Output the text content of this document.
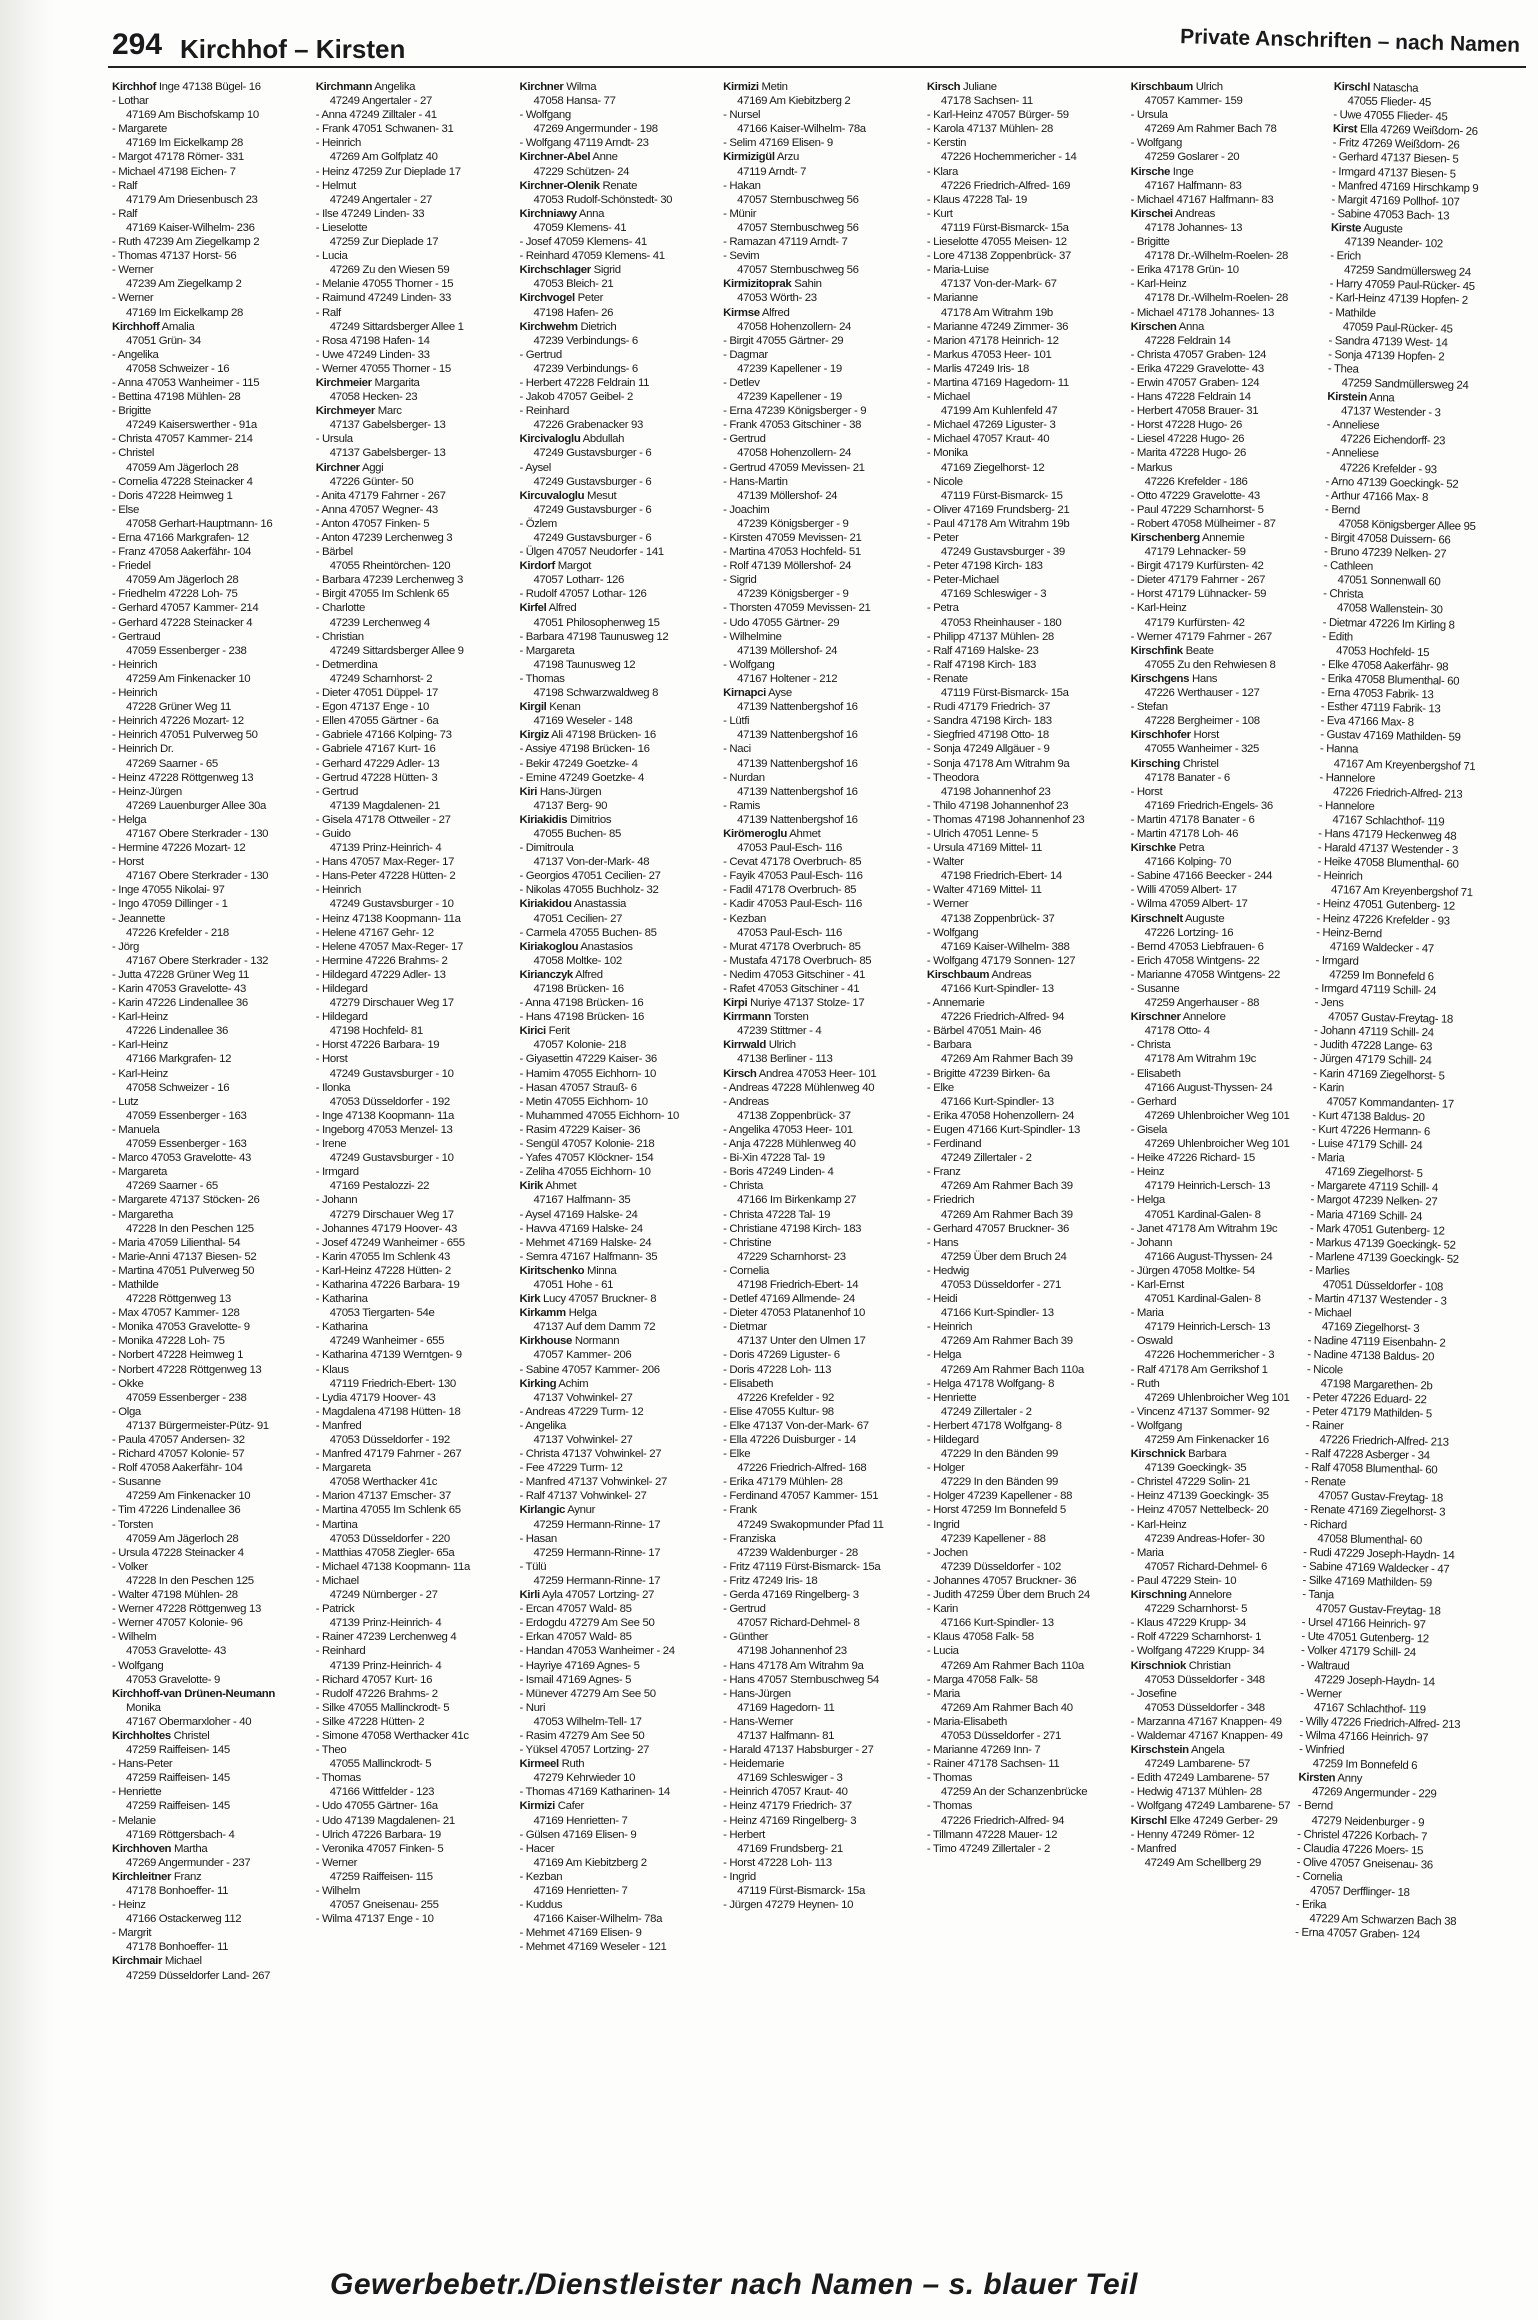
294 Kirchhof – Kirsten	Private Anschriften – nach Namen
Kirchhof Inge 47138 Bügel- 16
- Lothar
47169 Am Bischofskamp 10
- Margarete
47169 Im Eickelkamp 28
- Margot 47178 Römer- 331
- Michael 47198 Eichen- 7
- Ralf
47179 Am Driesenbusch 23
- Ralf
47169 Kaiser-Wilhelm- 236
- Ruth 47239 Am Ziegelkamp 2
- Thomas 47137 Horst- 56
- Werner
47239 Am Ziegelkamp 2
- Werner
47169 Im Eickelkamp 28
Kirchhoff Amalia
47051 Grün- 34
- Angelika
47058 Schweizer - 16
- Anna 47053 Wanheimer - 115
- Bettina 47198 Mühlen- 28
- Brigitte
47249 Kaiserswerther - 91a
- Christa 47057 Kammer- 214
- Christel
47059 Am Jägerloch 28
- Cornelia 47228 Steinacker 4
- Doris 47228 Heimweg 1
- Else
47058 Gerhart-Hauptmann- 16
- Erna 47166 Markgrafen- 12
- Franz 47058 Aakerfähr- 104
- Friedel
47059 Am Jägerloch 28
- Friedhelm 47228 Loh- 75
- Gerhard 47057 Kammer- 214
- Gerhard 47228 Steinacker 4
- Gertraud
47059 Essenberger - 238
- Heinrich
47259 Am Finkenacker 10
- Heinrich
47228 Grüner Weg 11
- Heinrich 47226 Mozart- 12
- Heinrich 47051 Pulverweg 50
- Heinrich Dr.
47269 Saarner - 65
- Heinz 47228 Röttgenweg 13
- Heinz-Jürgen
47269 Lauenburger Allee 30a
- Helga
47167 Obere Sterkrader - 130
- Hermine 47226 Mozart- 12
- Horst
47167 Obere Sterkrader - 130
- Inge 47055 Nikolai- 97
- Ingo 47059 Dillinger - 1
- Jeannette
47226 Krefelder - 218
- Jörg
47167 Obere Sterkrader - 132
- Jutta 47228 Grüner Weg 11
- Karin 47053 Gravelotte- 43
- Karin 47226 Lindenallee 36
- Karl-Heinz
47226 Lindenallee 36
- Karl-Heinz
47166 Markgrafen- 12
- Karl-Heinz
47058 Schweizer - 16
- Lutz
47059 Essenberger - 163
- Manuela
47059 Essenberger - 163
- Marco 47053 Gravelotte- 43
- Margareta
47269 Saarner - 65
- Margarete 47137 Stöcken- 26
- Margaretha
47228 In den Peschen 125
- Maria 47059 Lilienthal- 54
- Marie-Anni 47137 Biesen- 52
- Martina 47051 Pulverweg 50
- Mathilde
47228 Röttgenweg 13
- Max 47057 Kammer- 128
- Monika 47053 Gravelotte- 9
- Monika 47228 Loh- 75
- Norbert 47228 Heimweg 1
- Norbert 47228 Röttgenweg 13
- Okke
47059 Essenberger - 238
- Olga
47137 Bürgermeister-Pütz- 91
- Paula 47057 Andersen- 32
- Richard 47057 Kolonie- 57
- Rolf 47058 Aakerfähr- 104
- Susanne
47259 Am Finkenacker 10
- Tim 47226 Lindenallee 36
- Torsten
47059 Am Jägerloch 28
- Ursula 47228 Steinacker 4
- Volker
47228 In den Peschen 125
- Walter 47198 Mühlen- 28
- Werner 47228 Röttgenweg 13
- Werner 47057 Kolonie- 96
- Wilhelm
47053 Gravelotte- 43
- Wolfgang
47053 Gravelotte- 9
Kirchhoff-van Drünen-Neumann
Monika
47167 Obermarxloher - 40
Kirchholtes Christel
47259 Raiffeisen- 145
- Hans-Peter
47259 Raiffeisen- 145
- Henriette
47259 Raiffeisen- 145
- Melanie
47169 Röttgersbach- 4
Kirchhoven Martha
47269 Angermunder - 237
Kirchleitner Franz
47178 Bonhoeffer- 11
- Heinz
47166 Ostackerweg 112
- Margrit
47178 Bonhoeffer- 11
Kirchmair Michael
47259 Düsseldorfer Land- 267
Kirchmann Angelika
47249 Angertaler - 27
- Anna 47249 Zilltaler - 41
- Frank 47051 Schwanen- 31
- Heinrich
47269 Am Golfplatz 40
- Heinz 47259 Zur Dieplade 17
- Helmut
47249 Angertaler - 27
- Ilse 47249 Linden- 33
- Lieselotte
47259 Zur Dieplade 17
- Lucia
47269 Zu den Wiesen 59
- Melanie 47055 Thorner - 15
- Raimund 47249 Linden- 33
- Ralf
47249 Sittardsberger Allee 1
- Rosa 47198 Hafen- 14
- Uwe 47249 Linden- 33
- Werner 47055 Thorner - 15
Kirchmeier Margarita
47058 Hecken- 23
Kirchmeyer Marc
47137 Gabelsberger- 13
- Ursula
47137 Gabelsberger- 13
Kirchner Aggi
47226 Günter- 50
- Anita 47179 Fahrner - 267
- Anna 47057 Wegner- 43
- Anton 47057 Finken- 5
- Anton 47239 Lerchenweg 3
- Bärbel
47055 Rheintörchen- 120
- Barbara 47239 Lerchenweg 3
- Birgit 47055 Im Schlenk 65
- Charlotte
47239 Lerchenweg 4
- Christian
47249 Sittardsberger Allee 9
- Detmerdina
47249 Scharnhorst- 2
- Dieter 47051 Düppel- 17
- Egon 47137 Enge - 10
- Ellen 47055 Gärtner - 6a
- Gabriele 47166 Kolping- 73
- Gabriele 47167 Kurt- 16
- Gerhard 47229 Adler- 13
- Gertrud 47228 Hütten- 3
- Gertrud
47139 Magdalenen- 21
- Gisela 47178 Ottweiler - 27
- Guido
47139 Prinz-Heinrich- 4
- Hans 47057 Max-Reger- 17
- Hans-Peter 47228 Hütten- 2
- Heinrich
47249 Gustavsburger - 10
- Heinz 47138 Koopmann- 11a
- Helene 47167 Gehr- 12
- Helene 47057 Max-Reger- 17
- Hermine 47226 Brahms- 2
- Hildegard 47229 Adler- 13
- Hildegard
47279 Dirschauer Weg 17
- Hildegard
47198 Hochfeld- 81
- Horst 47226 Barbara- 19
- Horst
47249 Gustavsburger - 10
- Ilonka
47053 Düsseldorfer - 192
- Inge 47138 Koopmann- 11a
- Ingeborg 47053 Menzel- 13
- Irene
47249 Gustavsburger - 10
- Irmgard
47169 Pestalozzi- 22
- Johann
47279 Dirschauer Weg 17
- Johannes 47179 Hoover- 43
- Josef 47249 Wanheimer - 655
- Karin 47055 Im Schlenk 43
- Karl-Heinz 47228 Hütten- 2
- Katharina 47226 Barbara- 19
- Katharina
47053 Tiergarten- 54e
- Katharina
47249 Wanheimer - 655
- Katharina 47139 Werntgen- 9
- Klaus
47119 Friedrich-Ebert- 130
- Lydia 47179 Hoover- 43
- Magdalena 47198 Hütten- 18
- Manfred
47053 Düsseldorfer - 192
- Manfred 47179 Fahrner - 267
- Margareta
47058 Werthacker 41c
- Marion 47137 Emscher- 37
- Martina 47055 Im Schlenk 65
- Martina
47053 Düsseldorfer - 220
- Matthias 47058 Ziegler- 65a
- Michael 47138 Koopmann- 11a
- Michael
47249 Nürnberger - 27
- Patrick
47139 Prinz-Heinrich- 4
- Rainer 47239 Lerchenweg 4
- Reinhard
47139 Prinz-Heinrich- 4
- Richard 47057 Kurt- 16
- Rudolf 47226 Brahms- 2
- Silke 47055 Mallinckrodt- 5
- Silke 47228 Hütten- 2
- Simone 47058 Werthacker 41c
- Theo
47055 Mallinckrodt- 5
- Thomas
47166 Wittfelder - 123
- Udo 47055 Gärtner- 16a
- Udo 47139 Magdalenen- 21
- Ulrich 47226 Barbara- 19
- Veronika 47057 Finken- 5
- Werner
47259 Raiffeisen- 115
- Wilhelm
47057 Gneisenau- 255
- Wilma 47137 Enge - 10
Kirchner Wilma
47058 Hansa- 77
- Wolfgang
47269 Angermunder - 198
- Wolfgang 47119 Arndt- 23
Kirchner-Abel Anne
47229 Schützen- 24
Kirchner-Olenik Renate
47053 Rudolf-Schönstedt- 30
Kirchniawy Anna
47059 Klemens- 41
- Josef 47059 Klemens- 41
- Reinhard 47059 Klemens- 41
Kirchschlager Sigrid
47053 Bleich- 21
Kirchvogel Peter
47198 Hafen- 26
Kirchwehm Dietrich
47239 Verbindungs- 6
- Gertrud
47239 Verbindungs- 6
- Herbert 47228 Feldrain 11
- Jakob 47057 Geibel- 2
- Reinhard
47226 Grabenacker 93
Kircivaloglu Abdullah
47249 Gustavsburger - 6
- Aysel
47249 Gustavsburger - 6
Kircuvaloglu Mesut
47249 Gustavsburger - 6
- Özlem
47249 Gustavsburger - 6
- Ülgen 47057 Neudorfer - 141
Kirdorf Margot
47057 Lotharr- 126
- Rudolf 47057 Lothar- 126
Kirfel Alfred
47051 Philosophenweg 15
- Barbara 47198 Taunusweg 12
- Margareta
47198 Taunusweg 12
- Thomas
47198 Schwarzwaldweg 8
Kirgil Kenan
47169 Weseler - 148
Kirgiz Ali 47198 Brücken- 16
- Assiye 47198 Brücken- 16
- Bekir 47249 Goetzke- 4
- Emine 47249 Goetzke- 4
Kiri Hans-Jürgen
47137 Berg- 90
Kiriakidis Dimitrios
47055 Buchen- 85
- Dimitroula
47137 Von-der-Mark- 48
- Georgios 47051 Cecilien- 27
- Nikolas 47055 Buchholz- 32
Kiriakidou Anastassia
47051 Cecilien- 27
- Carmela 47055 Buchen- 85
Kiriakoglou Anastasios
47058 Moltke- 102
Kirianczyk Alfred
47198 Brücken- 16
- Anna 47198 Brücken- 16
- Hans 47198 Brücken- 16
Kirici Ferit
47057 Kolonie- 218
- Giyasettin 47229 Kaiser- 36
- Hamim 47055 Eichhorn- 10
- Hasan 47057 Strauß- 6
- Metin 47055 Eichhorn- 10
- Muhammed 47055 Eichhorn- 10
- Rasim 47229 Kaiser- 36
- Sengül 47057 Kolonie- 218
- Yafes 47057 Klöckner- 154
- Zeliha 47055 Eichhorn- 10
Kirik Ahmet
47167 Halfmann- 35
- Aysel 47169 Halske- 24
- Havva 47169 Halske- 24
- Mehmet 47169 Halske- 24
- Semra 47167 Halfmann- 35
Kiritschenko Minna
47051 Hohe - 61
Kirk Lucy 47057 Bruckner- 8
Kirkamm Helga
47137 Auf dem Damm 72
Kirkhouse Normann
47057 Kammer- 206
- Sabine 47057 Kammer- 206
Kirking Achim
47137 Vohwinkel- 27
- Andreas 47229 Turm- 12
- Angelika
47137 Vohwinkel- 27
- Christa 47137 Vohwinkel- 27
- Fee 47229 Turm- 12
- Manfred 47137 Vohwinkel- 27
- Ralf 47137 Vohwinkel- 27
Kirlangic Aynur
47259 Hermann-Rinne- 17
- Hasan
47259 Hermann-Rinne- 17
- Tülü
47259 Hermann-Rinne- 17
Kirli Ayla 47057 Lortzing- 27
- Ercan 47057 Wald- 85
- Erdogdu 47279 Am See 50
- Erkan 47057 Wald- 85
- Handan 47053 Wanheimer - 24
- Hayriye 47169 Agnes- 5
- Ismail 47169 Agnes- 5
- Münever 47279 Am See 50
- Nuri
47053 Wilhelm-Tell- 17
- Rasim 47279 Am See 50
- Yüksel 47057 Lortzing- 27
Kirmeel Ruth
47279 Kehrwieder 10
- Thomas 47169 Katharinen- 14
Kirmizi Cafer
47169 Henrietten- 7
- Gülsen 47169 Elisen- 9
- Hacer
47169 Am Kiebitzberg 2
- Kezban
47169 Henrietten- 7
- Kuddus
47166 Kaiser-Wilhelm- 78a
- Mehmet 47169 Elisen- 9
- Mehmet 47169 Weseler - 121
Kirmizi Metin
47169 Am Kiebitzberg 2
- Nursel
47166 Kaiser-Wilhelm- 78a
- Selim 47169 Elisen- 9
Kirmizigül Arzu
47119 Arndt- 7
- Hakan
47057 Sternbuschweg 56
- Münir
47057 Sternbuschweg 56
- Ramazan 47119 Arndt- 7
- Sevim
47057 Sternbuschweg 56
Kirmizitoprak Sahin
47053 Wörth- 23
Kirmse Alfred
47058 Hohenzollern- 24
- Birgit 47055 Gärtner- 29
- Dagmar
47239 Kapellener - 19
- Detlev
47239 Kapellener - 19
- Erna 47239 Königsberger - 9
- Frank 47053 Gitschiner - 38
- Gertrud
47058 Hohenzollern- 24
- Gertrud 47059 Mevissen- 21
- Hans-Martin
47139 Möllershof- 24
- Joachim
47239 Königsberger - 9
- Kirsten 47059 Mevissen- 21
- Martina 47053 Hochfeld- 51
- Rolf 47139 Möllershof- 24
- Sigrid
47239 Königsberger - 9
- Thorsten 47059 Mevissen- 21
- Udo 47055 Gärtner- 29
- Wilhelmine
47139 Möllershof- 24
- Wolfgang
47167 Holtener - 212
Kirnapci Ayse
47139 Nattenbergshof 16
- Lütfi
47139 Nattenbergshof 16
- Naci
47139 Nattenbergshof 16
- Nurdan
47139 Nattenbergshof 16
- Ramis
47139 Nattenbergshof 16
Kirömeroglu Ahmet
47053 Paul-Esch- 116
- Cevat 47178 Overbruch- 85
- Fayik 47053 Paul-Esch- 116
- Fadil 47178 Overbruch- 85
- Kadir 47053 Paul-Esch- 116
- Kezban
47053 Paul-Esch- 116
- Murat 47178 Overbruch- 85
- Mustafa 47178 Overbruch- 85
- Nedim 47053 Gitschiner - 41
- Rafet 47053 Gitschiner - 41
Kirpi Nuriye 47137 Stolze- 17
Kirrmann Torsten
47239 Stittmer - 4
Kirrwald Ulrich
47138 Berliner - 113
Kirsch Andrea 47053 Heer- 101
- Andreas 47228 Mühlenweg 40
- Andreas
47138 Zoppenbrück- 37
- Angelika 47053 Heer- 101
- Anja 47228 Mühlenweg 40
- Bi-Xin 47228 Tal- 19
- Boris 47249 Linden- 4
- Christa
47166 Im Birkenkamp 27
- Christa 47228 Tal- 19
- Christiane 47198 Kirch- 183
- Christine
47229 Scharnhorst- 23
- Cornelia
47198 Friedrich-Ebert- 14
- Detlef 47169 Allmende- 24
- Dieter 47053 Platanenhof 10
- Dietmar
47137 Unter den Ulmen 17
- Doris 47269 Liguster- 6
- Doris 47228 Loh- 113
- Elisabeth
47226 Krefelder - 92
- Elise 47055 Kultur- 98
- Elke 47137 Von-der-Mark- 67
- Ella 47226 Duisburger - 14
- Elke
47226 Friedrich-Alfred- 168
- Erika 47179 Mühlen- 28
- Ferdinand 47057 Kammer- 151
- Frank
47249 Swakopmunder Pfad 11
- Franziska
47239 Waldenburger - 28
- Fritz 47119 Fürst-Bismarck- 15a
- Fritz 47249 Iris- 18
- Gerda 47169 Ringelberg- 3
- Gertrud
47057 Richard-Dehmel- 8
- Günther
47198 Johannenhof 23
- Hans 47178 Am Witrahm 9a
- Hans 47057 Sternbuschweg 54
- Hans-Jürgen
47169 Hagedorn- 11
- Hans-Werner
47137 Halfmann- 81
- Harald 47137 Habsburger - 27
- Heidemarie
47169 Schleswiger - 3
- Heinrich 47057 Kraut- 40
- Heinz 47179 Friedrich- 37
- Heinz 47169 Ringelberg- 3
- Herbert
47169 Frundsberg- 21
- Horst 47228 Loh- 113
- Ingrid
47119 Fürst-Bismarck- 15a
- Jürgen 47279 Heynen- 10
Kirsch Juliane
47178 Sachsen- 11
- Karl-Heinz 47057 Bürger- 59
- Karola 47137 Mühlen- 28
- Kerstin
47226 Hochemmericher - 14
- Klara
47226 Friedrich-Alfred- 169
- Klaus 47228 Tal- 19
- Kurt
47119 Fürst-Bismarck- 15a
- Lieselotte 47055 Meisen- 12
- Lore 47138 Zoppenbrück- 37
- Maria-Luise
47137 Von-der-Mark- 67
- Marianne
47178 Am Witrahm 19b
- Marianne 47249 Zimmer- 36
- Marion 47178 Heinrich- 12
- Markus 47053 Heer- 101
- Marlis 47249 Iris- 18
- Martina 47169 Hagedorn- 11
- Michael
47199 Am Kuhlenfeld 47
- Michael 47269 Liguster- 3
- Michael 47057 Kraut- 40
- Monika
47169 Ziegelhorst- 12
- Nicole
47119 Fürst-Bismarck- 15
- Oliver 47169 Frundsberg- 21
- Paul 47178 Am Witrahm 19b
- Peter
47249 Gustavsburger - 39
- Peter 47198 Kirch- 183
- Peter-Michael
47169 Schleswiger - 3
- Petra
47053 Rheinhauser - 180
- Philipp 47137 Mühlen- 28
- Ralf 47169 Halske- 23
- Ralf 47198 Kirch- 183
- Renate
47119 Fürst-Bismarck- 15a
- Rudi 47179 Friedrich- 37
- Sandra 47198 Kirch- 183
- Siegfried 47198 Otto- 18
- Sonja 47249 Allgäuer - 9
- Sonja 47178 Am Witrahm 9a
- Theodora
47198 Johannenhof 23
- Thilo 47198 Johannenhof 23
- Thomas 47198 Johannenhof 23
- Ulrich 47051 Lenne- 5
- Ursula 47169 Mittel- 11
- Walter
47198 Friedrich-Ebert- 14
- Walter 47169 Mittel- 11
- Werner
47138 Zoppenbrück- 37
- Wolfgang
47169 Kaiser-Wilhelm- 388
- Wolfgang 47179 Sonnen- 127
Kirschbaum Andreas
47166 Kurt-Spindler- 13
- Annemarie
47226 Friedrich-Alfred- 94
- Bärbel 47051 Main- 46
- Barbara
47269 Am Rahmer Bach 39
- Brigitte 47239 Birken- 6a
- Elke
47166 Kurt-Spindler- 13
- Erika 47058 Hohenzollern- 24
- Eugen 47166 Kurt-Spindler- 13
- Ferdinand
47249 Zillertaler - 2
- Franz
47269 Am Rahmer Bach 39
- Friedrich
47269 Am Rahmer Bach 39
- Gerhard 47057 Bruckner- 36
- Hans
47259 Über dem Bruch 24
- Hedwig
47053 Düsseldorfer - 271
- Heidi
47166 Kurt-Spindler- 13
- Heinrich
47269 Am Rahmer Bach 39
- Helga
47269 Am Rahmer Bach 110a
- Helga 47178 Wolfgang- 8
- Henriette
47249 Zillertaler - 2
- Herbert 47178 Wolfgang- 8
- Hildegard
47229 In den Bänden 99
- Holger
47229 In den Bänden 99
- Holger 47239 Kapellener - 88
- Horst 47259 Im Bonnefeld 5
- Ingrid
47239 Kapellener - 88
- Jochen
47239 Düsseldorfer - 102
- Johannes 47057 Bruckner- 36
- Judith 47259 Über dem Bruch 24
- Karin
47166 Kurt-Spindler- 13
- Klaus 47058 Falk- 58
- Lucia
47269 Am Rahmer Bach 110a
- Marga 47058 Falk- 58
- Maria
47269 Am Rahmer Bach 40
- Maria-Elisabeth
47053 Düsseldorfer - 271
- Marianne 47269 Inn- 7
- Rainer 47178 Sachsen- 11
- Thomas
47259 An der Schanzenbrücke
- Thomas
47226 Friedrich-Alfred- 94
- Tillmann 47228 Mauer- 12
- Timo 47249 Zillertaler - 2
Kirschbaum Ulrich
47057 Kammer- 159
- Ursula
47269 Am Rahmer Bach 78
- Wolfgang
47259 Goslarer - 20
Kirsche Inge
47167 Halfmann- 83
- Michael 47167 Halfmann- 83
Kirschei Andreas
47178 Johannes- 13
- Brigitte
47178 Dr.-Wilhelm-Roelen- 28
- Erika 47178 Grün- 10
- Karl-Heinz
47178 Dr.-Wilhelm-Roelen- 28
- Michael 47178 Johannes- 13
Kirschen Anna
47228 Feldrain 14
- Christa 47057 Graben- 124
- Erika 47229 Gravelotte- 43
- Erwin 47057 Graben- 124
- Hans 47228 Feldrain 14
- Herbert 47058 Brauer- 31
- Horst 47228 Hugo- 26
- Liesel 47228 Hugo- 26
- Marita 47228 Hugo- 26
- Markus
47226 Krefelder - 186
- Otto 47229 Gravelotte- 43
- Paul 47229 Scharnhorst- 5
- Robert 47058 Mülheimer - 87
Kirschenberg Annemie
47179 Lehnacker- 59
- Birgit 47179 Kurfürsten- 42
- Dieter 47179 Fahrner - 267
- Horst 47179 Lühnacker- 59
- Karl-Heinz
47179 Kurfürsten- 42
- Werner 47179 Fahrner - 267
Kirschfink Beate
47055 Zu den Rehwiesen 8
Kirschgens Hans
47226 Werthauser - 127
- Stefan
47228 Bergheimer - 108
Kirschhofer Horst
47055 Wanheimer - 325
Kirsching Christel
47178 Banater - 6
- Horst
47169 Friedrich-Engels- 36
- Martin 47178 Banater - 6
- Martin 47178 Loh- 46
Kirschke Petra
47166 Kolping- 70
- Sabine 47166 Beecker - 244
- Willi 47059 Albert- 17
- Wilma 47059 Albert- 17
Kirschnelt Auguste
47226 Lortzing- 16
- Bernd 47053 Liebfrauen- 6
- Erich 47058 Wintgens- 22
- Marianne 47058 Wintgens- 22
- Susanne
47259 Angerhauser - 88
Kirschner Annelore
47178 Otto- 4
- Christa
47178 Am Witrahm 19c
- Elisabeth
47166 August-Thyssen- 24
- Gerhard
47269 Uhlenbroicher Weg 101
- Gisela
47269 Uhlenbroicher Weg 101
- Heike 47226 Richard- 15
- Heinz
47179 Heinrich-Lersch- 13
- Helga
47051 Kardinal-Galen- 8
- Janet 47178 Am Witrahm 19c
- Johann
47166 August-Thyssen- 24
- Jürgen 47058 Moltke- 54
- Karl-Ernst
47051 Kardinal-Galen- 8
- Maria
47179 Heinrich-Lersch- 13
- Oswald
47226 Hochemmericher - 3
- Ralf 47178 Am Gerrikshof 1
- Ruth
47269 Uhlenbroicher Weg 101
- Vincenz 47137 Sommer- 92
- Wolfgang
47259 Am Finkenacker 16
Kirschnick Barbara
47139 Goeckingk- 35
- Christel 47229 Solin- 21
- Heinz 47139 Goeckingk- 35
- Heinz 47057 Nettelbeck- 20
- Karl-Heinz
47239 Andreas-Hofer- 30
- Maria
47057 Richard-Dehmel- 6
- Paul 47229 Stein- 10
Kirschning Annelore
47229 Scharnhorst- 5
- Klaus 47229 Krupp- 34
- Rolf 47229 Scharnhorst- 1
- Wolfgang 47229 Krupp- 34
Kirschniok Christian
47053 Düsseldorfer - 348
- Josefine
47053 Düsseldorfer - 348
- Marzanna 47167 Knappen- 49
- Waldemar 47167 Knappen- 49
Kirschstein Angela
47249 Lambarene- 57
- Edith 47249 Lambarene- 57
- Hedwig 47137 Mühlen- 28
- Wolfgang 47249 Lambarene- 57
Kirschl Elke 47249 Gerber- 29
- Henny 47249 Römer- 12
- Manfred
47249 Am Schellberg 29
Kirschl Natascha
47055 Flieder- 45
- Uwe 47055 Flieder- 45
Kirst Ella 47269 Weißdorn- 26
- Fritz 47269 Weißdorn- 26
- Gerhard 47137 Biesen- 5
- Irmgard 47137 Biesen- 5
- Manfred 47169 Hirschkamp 9
- Margit 47169 Pollhof- 107
- Sabine 47053 Bach- 13
Kirste Auguste
47139 Neander- 102
- Erich
47259 Sandmüllersweg 24
- Harry 47059 Paul-Rücker- 45
- Karl-Heinz 47139 Hopfen- 2
- Mathilde
47059 Paul-Rücker- 45
- Sandra 47139 West- 14
- Sonja 47139 Hopfen- 2
- Thea
47259 Sandmüllersweg 24
Kirstein Anna
47137 Westender - 3
- Anneliese
47226 Eichendorff- 23
- Anneliese
47226 Krefelder - 93
- Arno 47139 Goeckingk- 52
- Arthur 47166 Max- 8
- Bernd
47058 Königsberger Allee 95
- Birgit 47058 Duissern- 66
- Bruno 47239 Nelken- 27
- Cathleen
47051 Sonnenwall 60
- Christa
47058 Wallenstein- 30
- Dietmar 47226 Im Kirling 8
- Edith
47053 Hochfeld- 15
- Elke 47058 Aakerfähr- 98
- Erika 47058 Blumenthal- 60
- Erna 47053 Fabrik- 13
- Esther 47119 Fabrik- 13
- Eva 47166 Max- 8
- Gustav 47169 Mathilden- 59
- Hanna
47167 Am Kreyenbergshof 71
- Hannelore
47226 Friedrich-Alfred- 213
- Hannelore
47167 Schlachthof- 119
- Hans 47179 Heckenweg 48
- Harald 47137 Westender - 3
- Heike 47058 Blumenthal- 60
- Heinrich
47167 Am Kreyenbergshof 71
- Heinz 47051 Gutenberg- 12
- Heinz 47226 Krefelder - 93
- Heinz-Bernd
47169 Waldecker - 47
- Irmgard
47259 Im Bonnefeld 6
- Irmgard 47119 Schill- 24
- Jens
47057 Gustav-Freytag- 18
- Johann 47119 Schill- 24
- Judith 47228 Lange- 63
- Jürgen 47179 Schill- 24
- Karin 47169 Ziegelhorst- 5
- Karin
47057 Kommandanten- 17
- Kurt 47138 Baldus- 20
- Kurt 47226 Hermann- 6
- Luise 47179 Schill- 24
- Maria
47169 Ziegelhorst- 5
- Margarete 47119 Schill- 4
- Margot 47239 Nelken- 27
- Maria 47169 Schill- 24
- Mark 47051 Gutenberg- 12
- Markus 47139 Goeckingk- 52
- Marlene 47139 Goeckingk- 52
- Marlies
47051 Düsseldorfer - 108
- Martin 47137 Westender - 3
- Michael
47169 Ziegelhorst- 3
- Nadine 47119 Eisenbahn- 2
- Nadine 47138 Baldus- 20
- Nicole
47198 Margarethen- 2b
- Peter 47226 Eduard- 22
- Peter 47179 Mathilden- 5
- Rainer
47226 Friedrich-Alfred- 213
- Ralf 47228 Asberger - 34
- Ralf 47058 Blumenthal- 60
- Renate
47057 Gustav-Freytag- 18
- Renate 47169 Ziegelhorst- 3
- Richard
47058 Blumenthal- 60
- Rudi 47229 Joseph-Haydn- 14
- Sabine 47169 Waldecker - 47
- Silke 47169 Mathilden- 59
- Tanja
47057 Gustav-Freytag- 18
- Ursel 47166 Heinrich- 97
- Ute 47051 Gutenberg- 12
- Volker 47179 Schill- 24
- Waltraud
47229 Joseph-Haydn- 14
- Werner
47167 Schlachthof- 119
- Willy 47226 Friedrich-Alfred- 213
- Wilma 47166 Heinrich- 97
- Winfried
47259 Im Bonnefeld 6
Kirsten Anny
47269 Angermunder - 229
- Bernd
47279 Neidenburger - 9
- Christel 47226 Korbach- 7
- Claudia 47226 Moers- 15
- Olive 47057 Gneisenau- 36
- Cornelia
47057 Derfflinger- 18
- Erika
47229 Am Schwarzen Bach 38
- Erna 47057 Graben- 124
Gewerbebetr./Dienstleister nach Namen – s. blauer Teil
